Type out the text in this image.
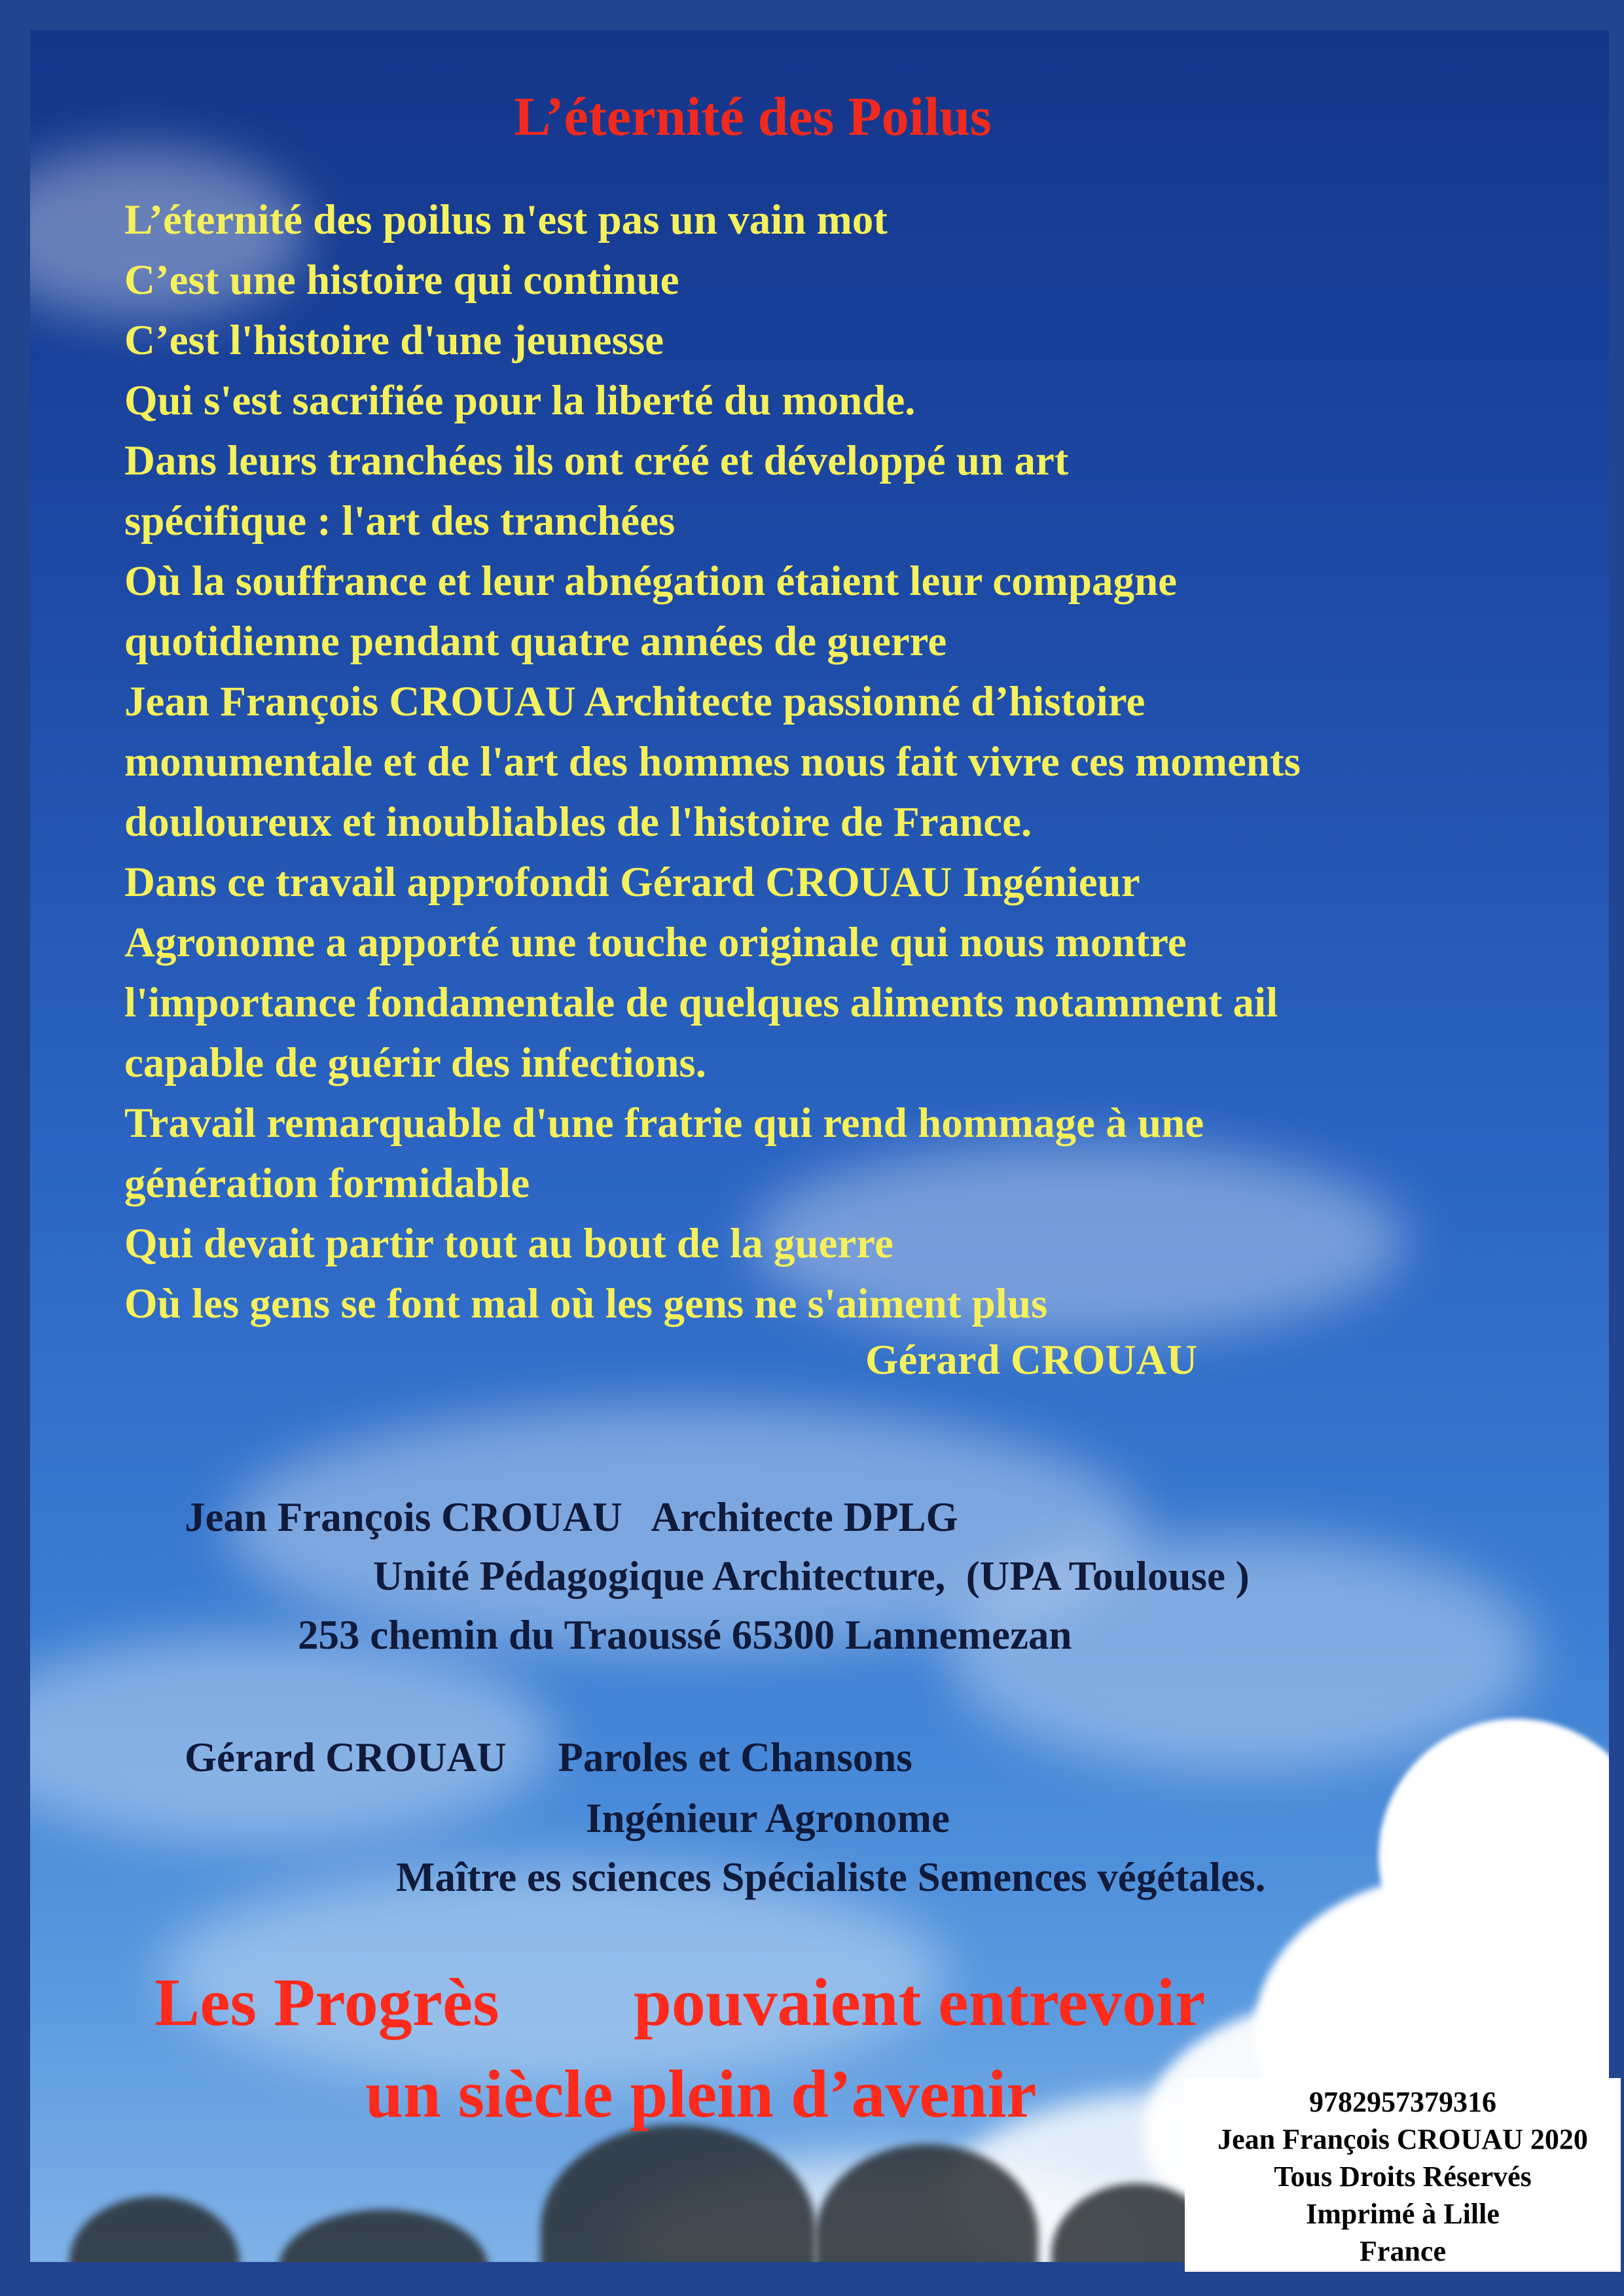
L’éternité des Poilus
L’éternité des poilus n'est pas un vain mot
C’est une histoire qui continue
C’est l'histoire d'une jeunesse
Qui s'est sacrifiée pour la liberté du monde.
Dans leurs tranchées ils ont créé et développé un art
spécifique : l'art des tranchées
Où la souffrance et leur abnégation étaient leur compagne
quotidienne pendant quatre années de guerre
Jean François CROUAU Architecte passionné d’histoire
monumentale et de l'art des hommes nous fait vivre ces moments
douloureux et inoubliables de l'histoire de France.
Dans ce travail approfondi Gérard CROUAU Ingénieur
Agronome a apporté une touche originale qui nous montre
l'importance fondamentale de quelques aliments notamment ail
capable de guérir des infections.
Travail remarquable d'une fratrie qui rend hommage à une
génération formidable
Qui devait partir tout au bout de la guerre
Où les gens se font mal où les gens ne s'aiment plus
Gérard CROUAU
Jean François CROUAU   Architecte DPLG
Unité Pédagogique Architecture,  (UPA Toulouse )
253 chemin du Traoussé 65300 Lannemezan
Gérard CROUAU     Paroles et Chansons
Ingénieur Agronome
Maître es sciences Spécialiste Semences végétales.
Les Progrès pouvaient entrevoir
un siècle plein d’avenir	9782957379316
Jean François CROUAU 2020
Tous Droits Réservés
Imprimé à Lille
France
